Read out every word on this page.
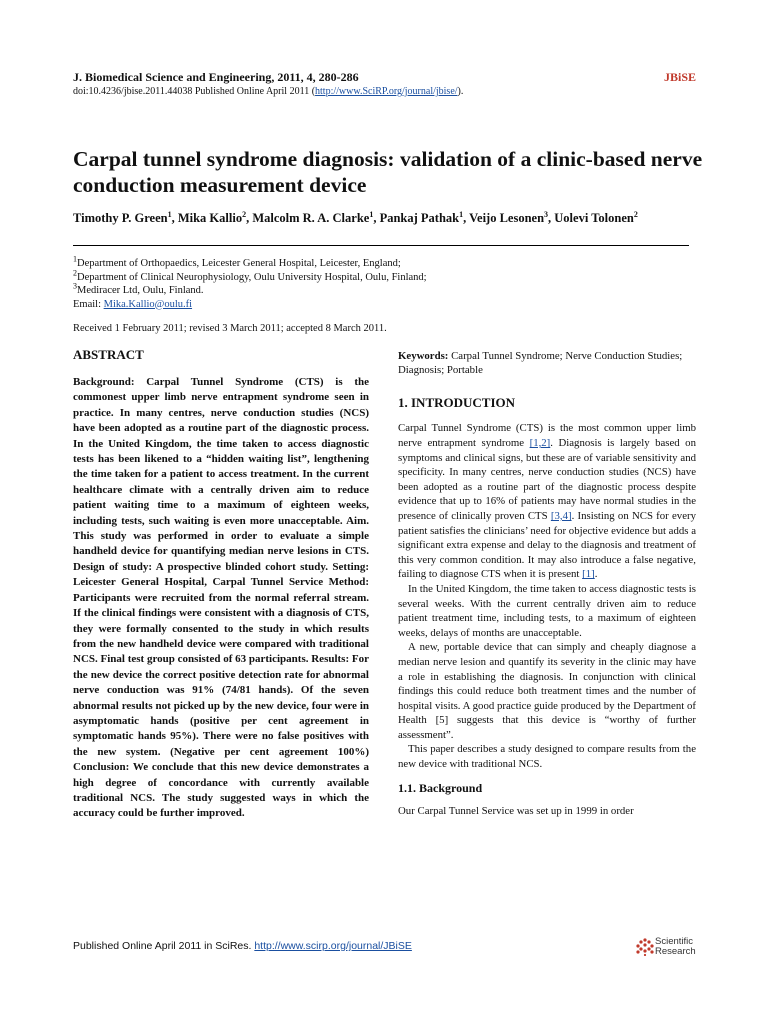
J. Biomedical Science and Engineering, 2011, 4, 280-286	JBiSE
doi:10.4236/jbise.2011.44038 Published Online April 2011 (http://www.SciRP.org/journal/jbise/).
Carpal tunnel syndrome diagnosis: validation of a clinic-based nerve conduction measurement device
Timothy P. Green$^1$, Mika Kallio$^2$, Malcolm R. A. Clarke$^1$, Pankaj Pathak$^1$, Veijo Lesonen$^3$, Uolevi Tolonen$^2$
$^1$Department of Orthopaedics, Leicester General Hospital, Leicester, England;
$^2$Department of Clinical Neurophysiology, Oulu University Hospital, Oulu, Finland;
$^3$Mediracer Ltd, Oulu, Finland.
Email: Mika.Kallio@oulu.fi
Received 1 February 2011; revised 3 March 2011; accepted 8 March 2011.
ABSTRACT

Background: Carpal Tunnel Syndrome (CTS) is the commonest upper limb nerve entrapment syndrome seen in practice. In many centres, nerve conduction studies (NCS) have been adopted as a routine part of the diagnostic process. In the United Kingdom, the time taken to access diagnostic tests has been likened to a “hidden waiting list”, lengthening the time taken for a patient to access treatment. In the current healthcare climate with a centrally driven aim to reduce patient waiting time to a maximum of eighteen weeks, including tests, such waiting is even more unacceptable. Aim. This study was performed in order to evaluate a simple handheld device for quantifying median nerve lesions in CTS. Design of study: A prospective blinded cohort study. Setting: Leicester General Hospital, Carpal Tunnel Service Method: Participants were recruited from the normal referral stream. If the clinical findings were consistent with a diagnosis of CTS, they were formally consented to the study in which results from the new handheld device were compared with traditional NCS. Final test group consisted of 63 participants. Results: For the new device the correct positive detection rate for abnormal nerve conduction was 91% (74/81 hands). Of the seven abnormal results not picked up by the new device, four were in asymptomatic hands (positive per cent agreement in symptomatic hands 95%). There were no false positives with the new system. (Negative per cent agreement 100%) Conclusion: We conclude that this new device demonstrates a high degree of concordance with currently available traditional NCS. The study suggested ways in which the accuracy could be further improved.

Keywords: Carpal Tunnel Syndrome; Nerve Conduction Studies; Diagnosis; Portable

1. INTRODUCTION

Carpal Tunnel Syndrome (CTS) is the most common upper limb nerve entrapment syndrome [1,2]. Diagnosis is largely based on symptoms and clinical signs, but these are of variable sensitivity and specificity. In many centres, nerve conduction studies (NCS) have been adopted as a routine part of the diagnostic process despite evidence that up to 16% of patients may have normal studies in the presence of clinically proven CTS [3,4]. Insisting on NCS for every patient satisfies the clinicians’ need for objective evidence but adds a significant extra expense and delay to the diagnosis and treatment of this very common condition. It may also introduce a false negative, failing to diagnose CTS when it is present [1].

In the United Kingdom, the time taken to access diagnostic tests is several weeks. With the current centrally driven aim to reduce patient treatment time, including tests, to a maximum of eighteen weeks, delays of months are unacceptable.

A new, portable device that can simply and cheaply diagnose a median nerve lesion and quantify its severity in the clinic may have a role in establishing the diagnosis. In conjunction with clinical findings this could reduce both treatment times and the number of hospital visits. A good practice guide produced by the Department of Health [5] suggests that this device is “worthy of further assessment”.

This paper describes a study designed to compare results from the new device with traditional NCS.

1.1. Background

Our Carpal Tunnel Service was set up in 1999 in order

Published Online April 2011 in SciRes. http://www.scirp.org/journal/JBiSE	Scientific
Research
